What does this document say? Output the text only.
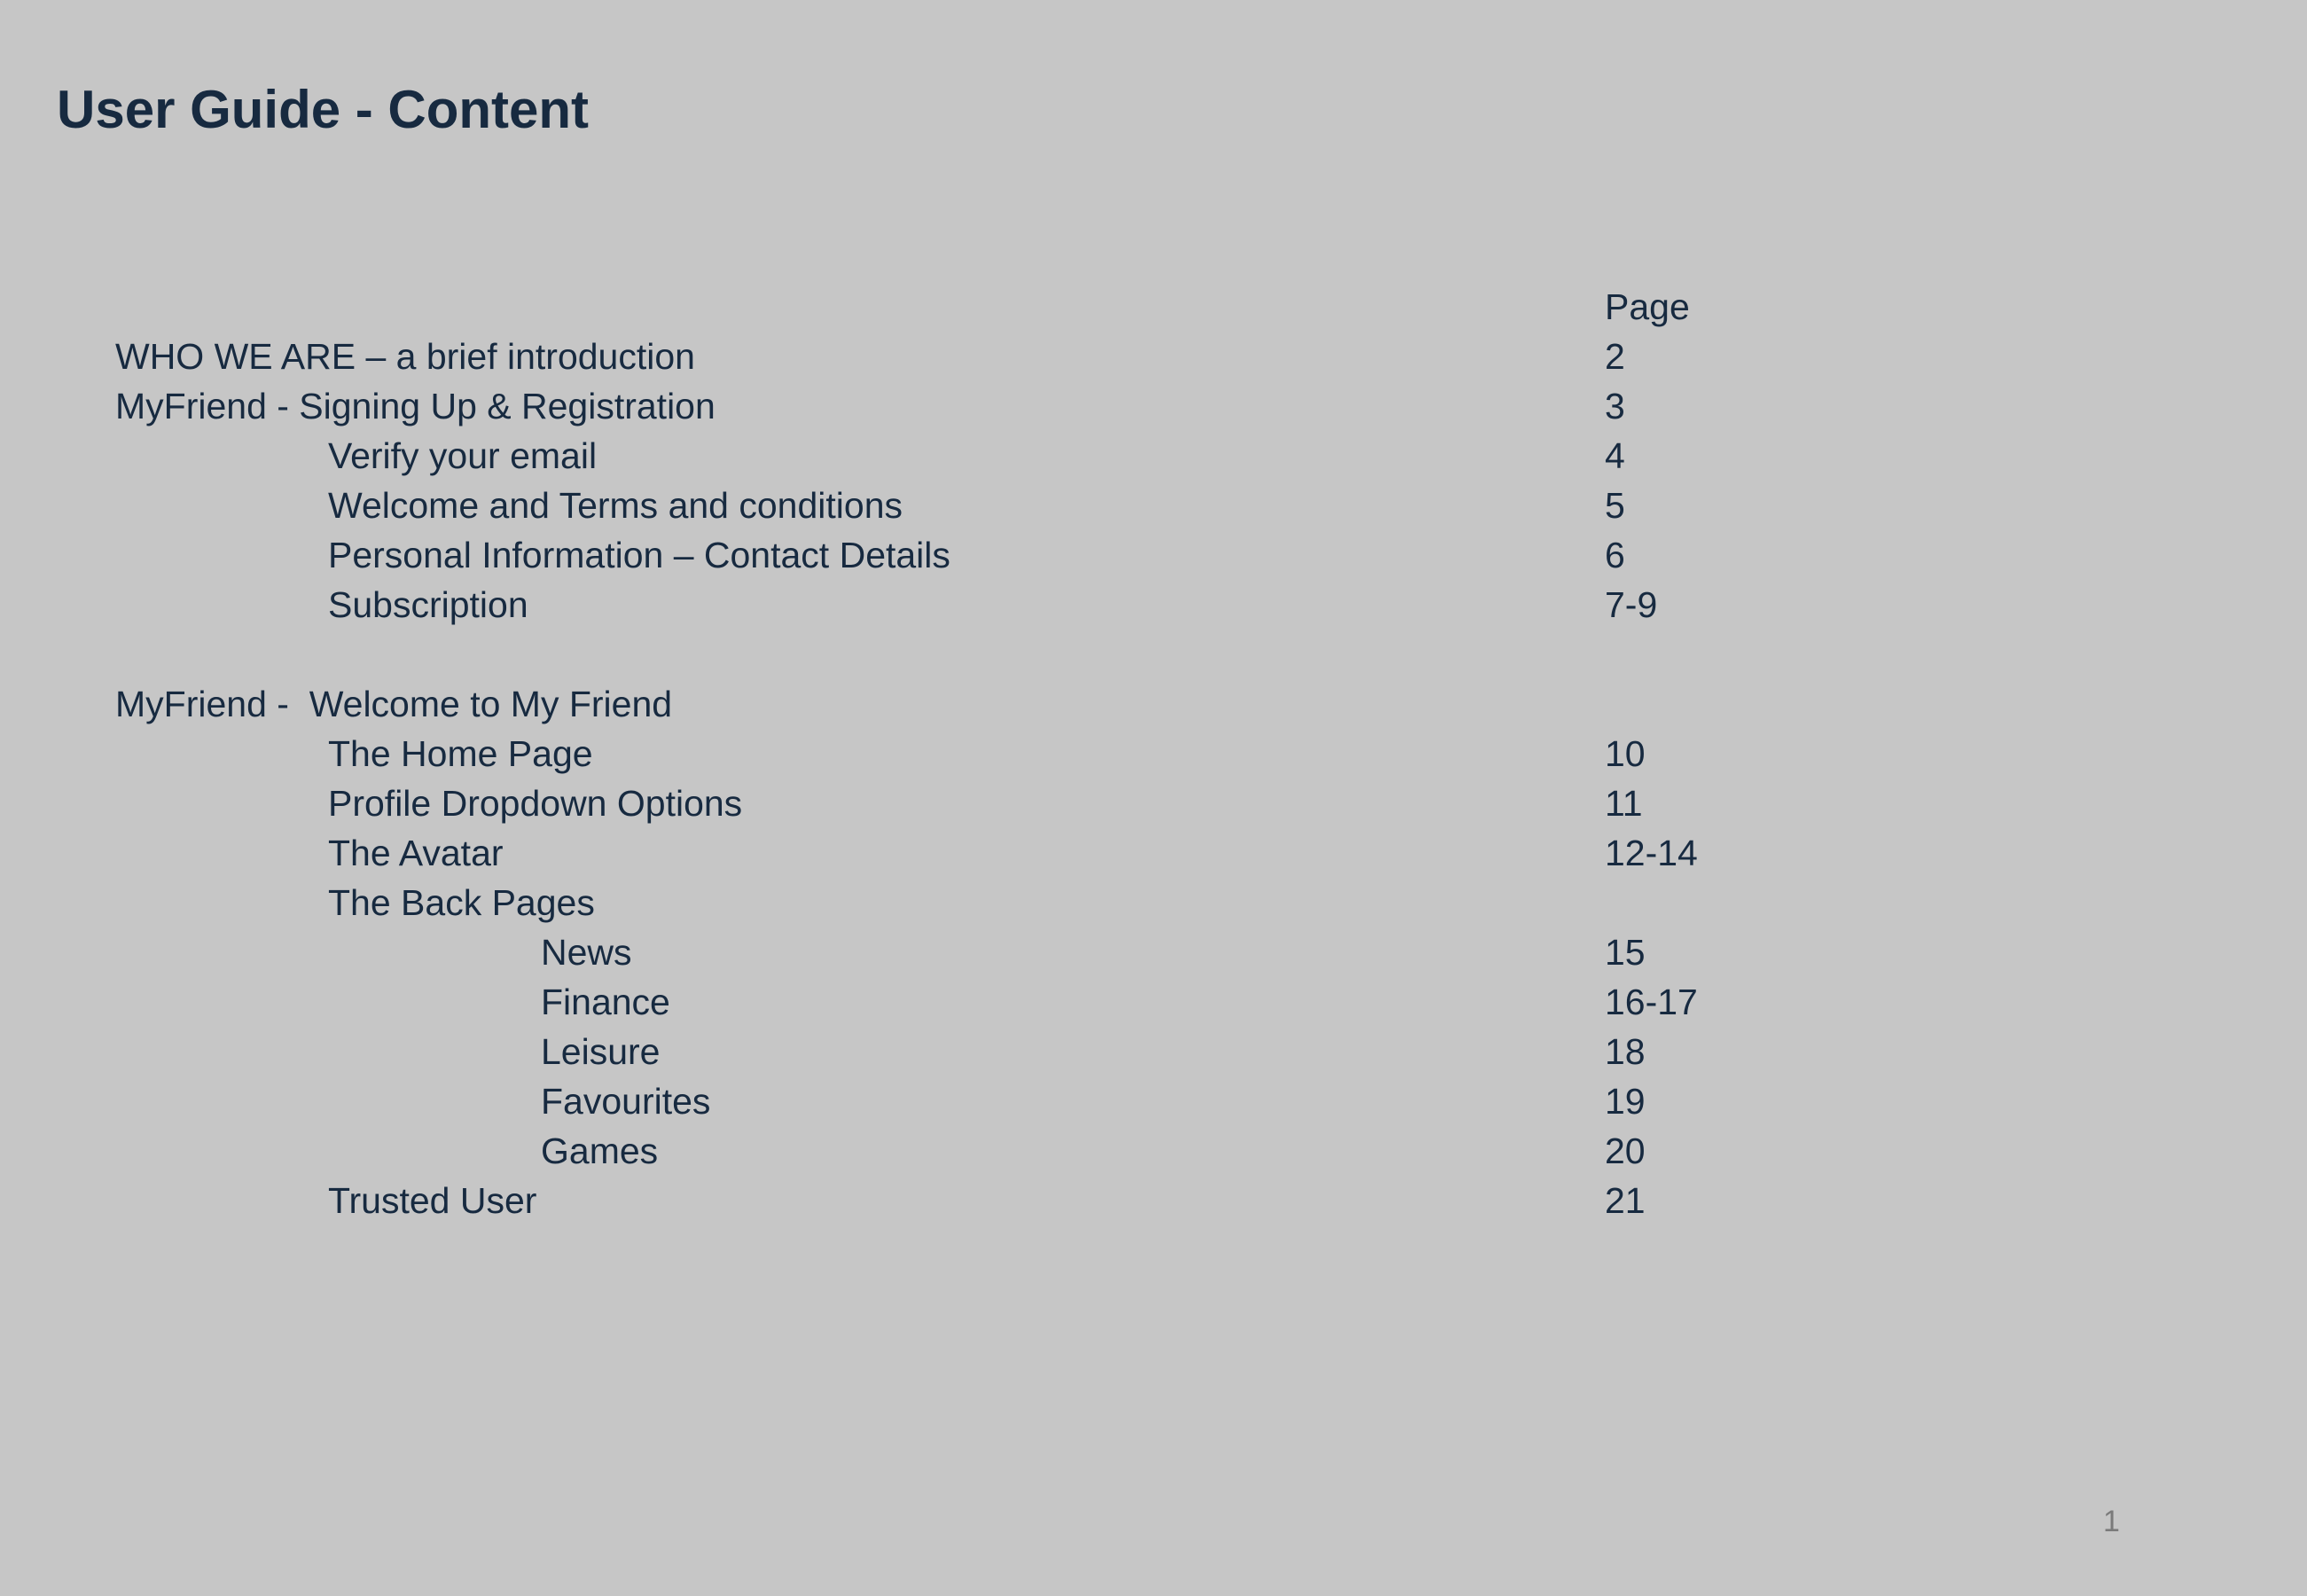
User Guide - Content
Page
WHO WE ARE – a brief introduction	2
MyFriend - Signing Up & Registration	3
Verify your email	4
Welcome and Terms and conditions	5
Personal Information – Contact Details	6
Subscription	7-9
MyFriend -  Welcome to My Friend
The Home Page	10
Profile Dropdown Options	11
The Avatar	12-14
The Back Pages
News	15
Finance	16-17
Leisure	18
Favourites	19
Games	20
Trusted User	21
1
